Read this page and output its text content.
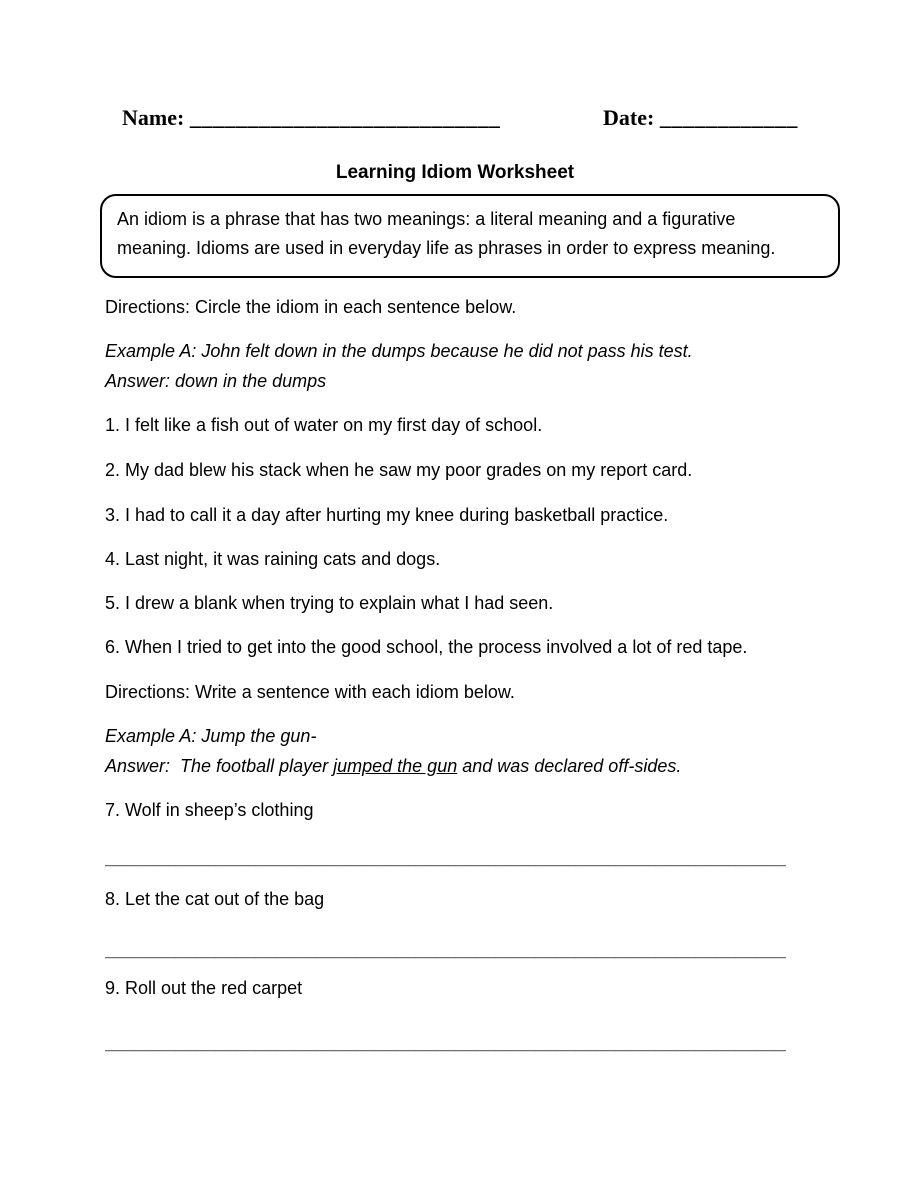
Name: ___________________________	Date: ____________
Learning Idiom Worksheet
An idiom is a phrase that has two meanings: a literal meaning and a figurative
meaning. Idioms are used in everyday life as phrases in order to express meaning.
Directions: Circle the idiom in each sentence below.
Example A: John felt down in the dumps because he did not pass his test.
Answer: down in the dumps
1. I felt like a fish out of water on my first day of school.
2. My dad blew his stack when he saw my poor grades on my report card.
3. I had to call it a day after hurting my knee during basketball practice.
4. Last night, it was raining cats and dogs.
5. I drew a blank when trying to explain what I had seen.
6. When I tried to get into the good school, the process involved a lot of red tape.
Directions: Write a sentence with each idiom below.
Example A: Jump the gun-
Answer:  The football player jumped the gun and was declared off-sides.
7. Wolf in sheep’s clothing
____________________________________________________________________
8. Let the cat out of the bag
____________________________________________________________________
9. Roll out the red carpet
____________________________________________________________________
